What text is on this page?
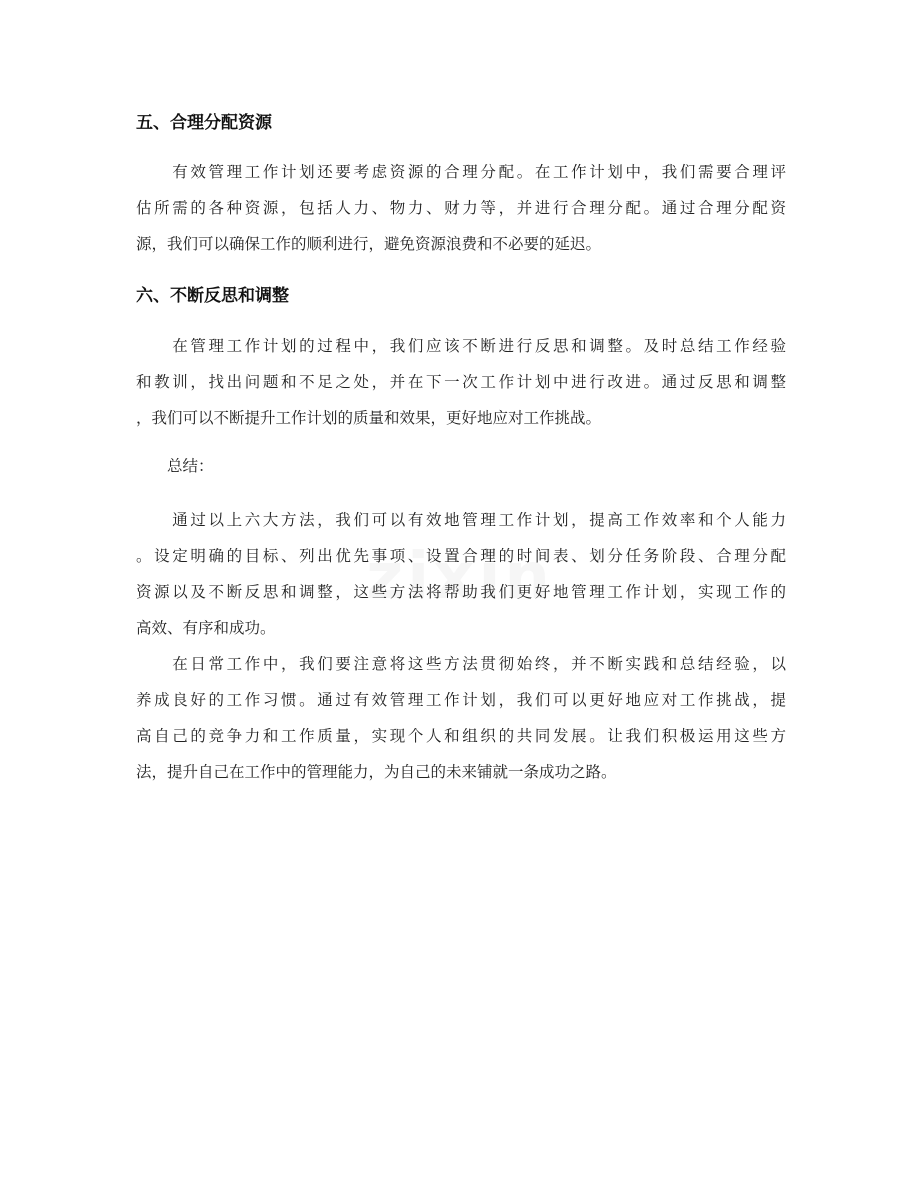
五、合理分配资源
　　有效管理工作计划还要考虑资源的合理分配。在工作计划中，我们需要合理评
估所需的各种资源，包括人力、物力、财力等，并进行合理分配。通过合理分配资
源，我们可以确保工作的顺利进行，避免资源浪费和不必要的延迟。
六、不断反思和调整
　　在管理工作计划的过程中，我们应该不断进行反思和调整。及时总结工作经验
和教训，找出问题和不足之处，并在下一次工作计划中进行改进。通过反思和调整
，我们可以不断提升工作计划的质量和效果，更好地应对工作挑战。
　　总结：
　　通过以上六大方法，我们可以有效地管理工作计划，提高工作效率和个人能力
。设定明确的目标、列出优先事项、设置合理的时间表、划分任务阶段、合理分配
资源以及不断反思和调整，这些方法将帮助我们更好地管理工作计划，实现工作的
高效、有序和成功。
　　在日常工作中，我们要注意将这些方法贯彻始终，并不断实践和总结经验，以
养成良好的工作习惯。通过有效管理工作计划，我们可以更好地应对工作挑战，提
高自己的竞争力和工作质量，实现个人和组织的共同发展。让我们积极运用这些方
法，提升自己在工作中的管理能力，为自己的未来铺就一条成功之路。
